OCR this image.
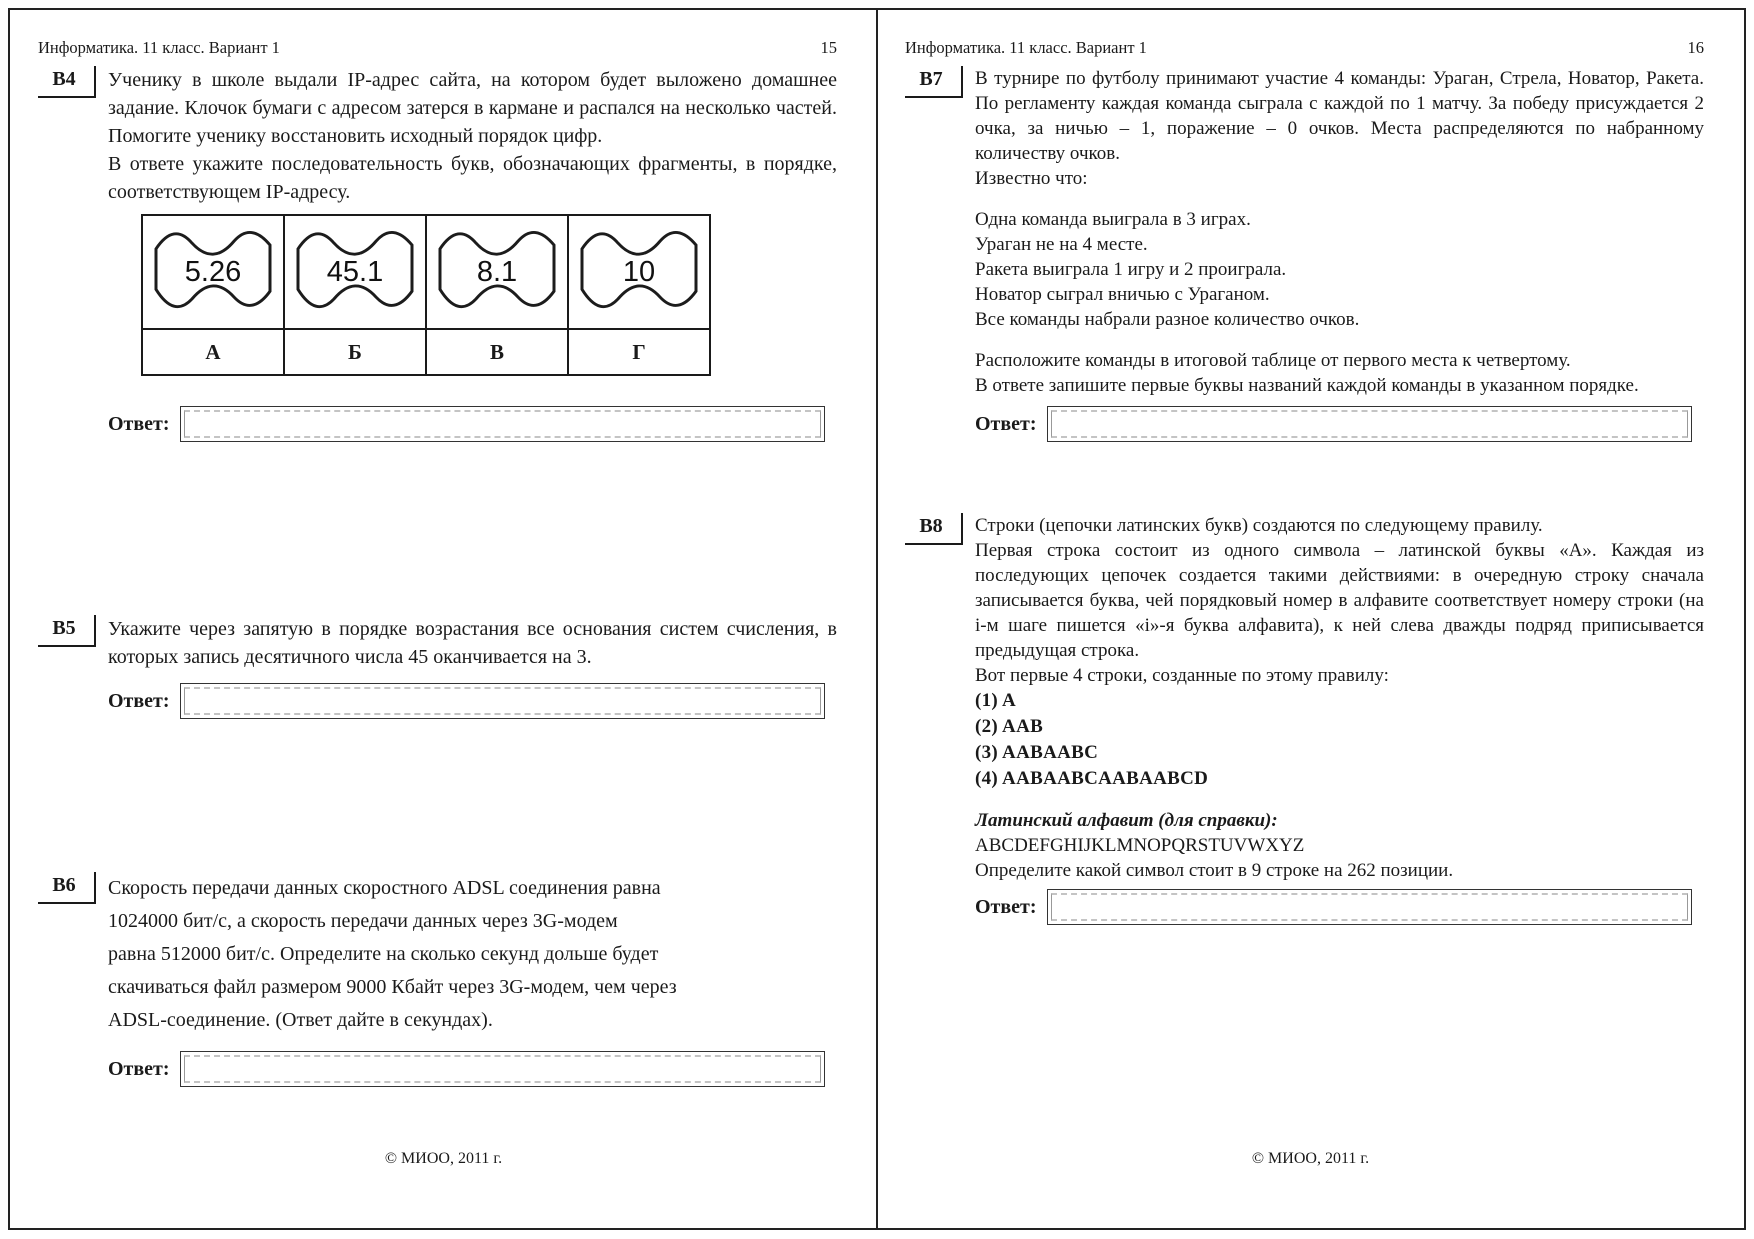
Информатика. 11 класс. Вариант 1	15
В4	Ученику в школе выдали IP-адрес сайта, на котором будет выложено домашнее задание. Клочок бумаги с адресом затерся в кармане и распался на несколько частей. Помогите ученику восстановить исходный порядок цифр.
В ответе укажите последовательность букв, обозначающих фрагменты, в порядке, соответствующем IP-адресу.
5.26	45.1	8.1	10

А	Б	В	Г
Ответ:
В5	Укажите через запятую в порядке возрастания все основания систем счисления, в которых запись десятичного числа 45 оканчивается на 3.
Ответ:
В6	Скорость передачи данных скоростного ADSL соединения равна
1024000 бит/с, а скорость передачи данных через 3G-модем
равна 512000 бит/с. Определите на сколько секунд дольше будет
скачиваться файл размером 9000 Кбайт через 3G-модем, чем через
ADSL-соединение. (Ответ дайте в секундах).
Ответ:
© МИОО, 2011 г.
Информатика. 11 класс. Вариант 1	16
В7	В турнире по футболу принимают участие 4 команды: Ураган, Стрела, Новатор, Ракета. По регламенту каждая команда сыграла с каждой по 1 матчу. За победу присуждается 2 очка, за ничью – 1, поражение – 0 очков. Места распределяются по набранному количеству очков.
Известно что:
Одна команда выиграла в 3 играх.
Ураган не на 4 месте.
Ракета выиграла 1 игру и 2 проиграла.
Новатор сыграл вничью с Ураганом.
Все команды набрали разное количество очков.
Расположите команды в итоговой таблице от первого места к четвертому.
В ответе запишите первые буквы названий каждой команды в указанном порядке.
Ответ:
В8	Строки (цепочки латинских букв) создаются по следующему правилу.
Первая строка состоит из одного символа – латинской буквы «А». Каждая из последующих цепочек создается такими действиями: в очередную строку сначала записывается буква, чей порядковый номер в алфавите соответствует номеру строки (на i-м шаге пишется «i»-я буква алфавита), к ней слева дважды подряд приписывается предыдущая строка.
Вот первые 4 строки, созданные по этому правилу:
(1) A
(2) AAB
(3) AABAABC
(4) AABAABCAABAABCD
Латинский алфавит (для справки):
ABCDEFGHIJKLMNOPQRSTUVWXYZ
Определите какой символ стоит в 9 строке на 262 позиции.
Ответ:
© МИОО, 2011 г.
